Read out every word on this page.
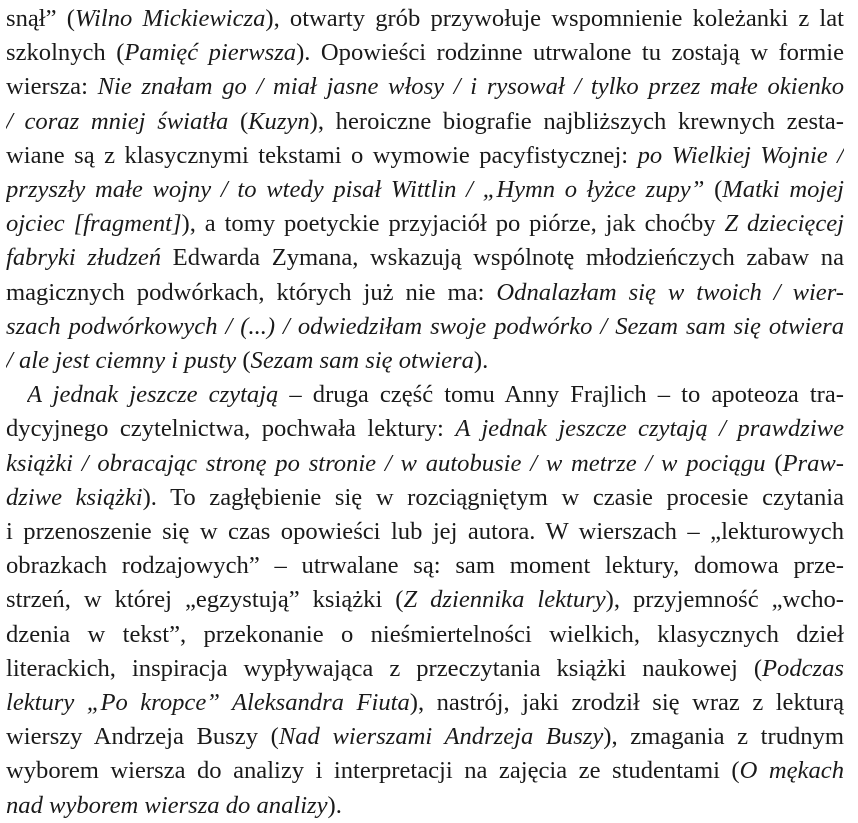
snął” (Wilno Mickiewicza), otwarty grób przywołuje wspomnienie koleżanki z lat
szkolnych (Pamięć pierwsza). Opowieści rodzinne utrwalone tu zostają w formie
wiersza: Nie znałam go / miał jasne włosy / i rysował / tylko przez małe okienko
/ coraz mniej światła (Kuzyn), heroiczne biografie najbliższych krewnych zesta-
wiane są z klasycznymi tekstami o wymowie pacyfistycznej: po Wielkiej Wojnie /
przyszły małe wojny / to wtedy pisał Wittlin / „Hymn o łyżce zupy” (Matki mojej
ojciec [fragment]), a tomy poetyckie przyjaciół po piórze, jak choćby Z dziecięcej
fabryki złudzeń Edwarda Zymana, wskazują wspólnotę młodzieńczych zabaw na
magicznych podwórkach, których już nie ma: Odnalazłam się w twoich / wier-
szach podwórkowych / (...) / odwiedziłam swoje podwórko / Sezam sam się otwiera
/ ale jest ciemny i pusty (Sezam sam się otwiera).
A jednak jeszcze czytają – druga część tomu Anny Frajlich – to apoteoza tra-
dycyjnego czytelnictwa, pochwała lektury: A jednak jeszcze czytają / prawdziwe
książki / obracając stronę po stronie / w autobusie / w metrze / w pociągu (Praw-
dziwe książki). To zagłębienie się w rozciągniętym w czasie procesie czytania
i przenoszenie się w czas opowieści lub jej autora. W wierszach – „lekturowych
obrazkach rodzajowych” – utrwalane są: sam moment lektury, domowa prze-
strzeń, w której „egzystują” książki (Z dziennika lektury), przyjemność „wcho-
dzenia w tekst”, przekonanie o nieśmiertelności wielkich, klasycznych dzieł
literackich, inspiracja wypływająca z przeczytania książki naukowej (Podczas
lektury „Po kropce” Aleksandra Fiuta), nastrój, jaki zrodził się wraz z lekturą
wierszy Andrzeja Buszy (Nad wierszami Andrzeja Buszy), zmagania z trudnym
wyborem wiersza do analizy i interpretacji na zajęcia ze studentami (O mękach
nad wyborem wiersza do analizy).
